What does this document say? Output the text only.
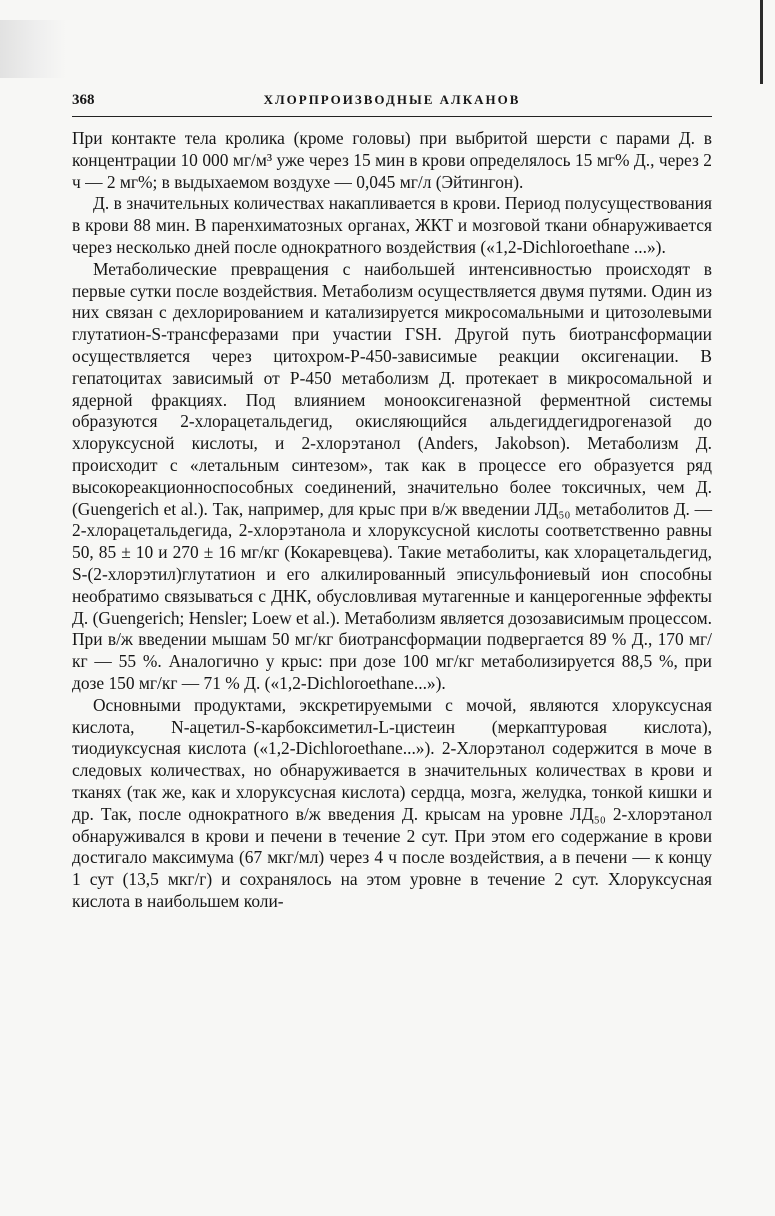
368	ХЛОРПРОИЗВОДНЫЕ АЛКАНОВ

При контакте тела кролика (кроме головы) при выбритой шерсти с парами Д. в концентрации 10 000 мг/м³ уже через 15 мин в крови определялось 15 мг% Д., через 2 ч — 2 мг%; в выдыхаемом воздухе — 0,045 мг/л (Эйтингон).

Д. в значительных количествах накапливается в крови. Период полусуществования в крови 88 мин. В паренхиматозных органах, ЖКТ и мозговой ткани обнаруживается через несколько дней после однократного воздействия («1,2-Dichloroethane ...»).

Метаболические превращения с наибольшей интенсивностью происходят в первые сутки после воздействия. Метаболизм осуществляется двумя путями. Один из них связан с дехлорированием и катализируется микросомальными и цитозолевыми глутатион-S-трансферазами при участии ГSH. Другой путь биотрансформации осуществляется через цитохром-P-450-зависимые реакции оксигенации. В гепатоцитах зависимый от P-450 метаболизм Д. протекает в микросомальной и ядерной фракциях. Под влиянием монооксигеназной ферментной системы образуются 2-хлорацетальдегид, окисляющийся альдегиддегидрогеназой до хлоруксусной кислоты, и 2-хлорэтанол (Anders, Jakobson). Метаболизм Д. происходит с «летальным синтезом», так как в процессе его образуется ряд высокореакционноспособных соединений, значительно более токсичных, чем Д. (Guengerich et al.). Так, например, для крыс при в/ж введении ЛД₅₀ метаболитов Д. — 2-хлорацетальдегида, 2-хлорэтанола и хлоруксусной кислоты соответственно равны 50, 85 ± 10 и 270 ± 16 мг/кг (Кокаревцева). Такие метаболиты, как хлорацетальдегид, S-(2-хлорэтил)глутатион и его алкилированный эписульфониевый ион способны необратимо связываться с ДНК, обусловливая мутагенные и канцерогенные эффекты Д. (Guengerich; Hensler; Loew et al.). Метаболизм является дозозависимым процессом. При в/ж введении мышам 50 мг/кг биотрансформации подвергается 89 % Д., 170 мг/кг — 55 %. Аналогично у крыс: при дозе 100 мг/кг метаболизируется 88,5 %, при дозе 150 мг/кг — 71 % Д. («1,2-Dichloroethane...»).

Основными продуктами, экскретируемыми с мочой, являются хлоруксусная кислота, N-ацетил-S-карбоксиметил-L-цистеин (меркаптуровая кислота), тиодиуксусная кислота («1,2-Dichloroethane...»). 2-Хлорэтанол содержится в моче в следовых количествах, но обнаруживается в значительных количествах в крови и тканях (так же, как и хлоруксусная кислота) сердца, мозга, желудка, тонкой кишки и др. Так, после однократного в/ж введения Д. крысам на уровне ЛД₅₀ 2-хлорэтанол обнаруживался в крови и печени в течение 2 сут. При этом его содержание в крови достигало максимума (67 мкг/мл) через 4 ч после воздействия, а в печени — к концу 1 сут (13,5 мкг/г) и сохранялось на этом уровне в течение 2 сут. Хлоруксусная кислота в наибольшем коли-
